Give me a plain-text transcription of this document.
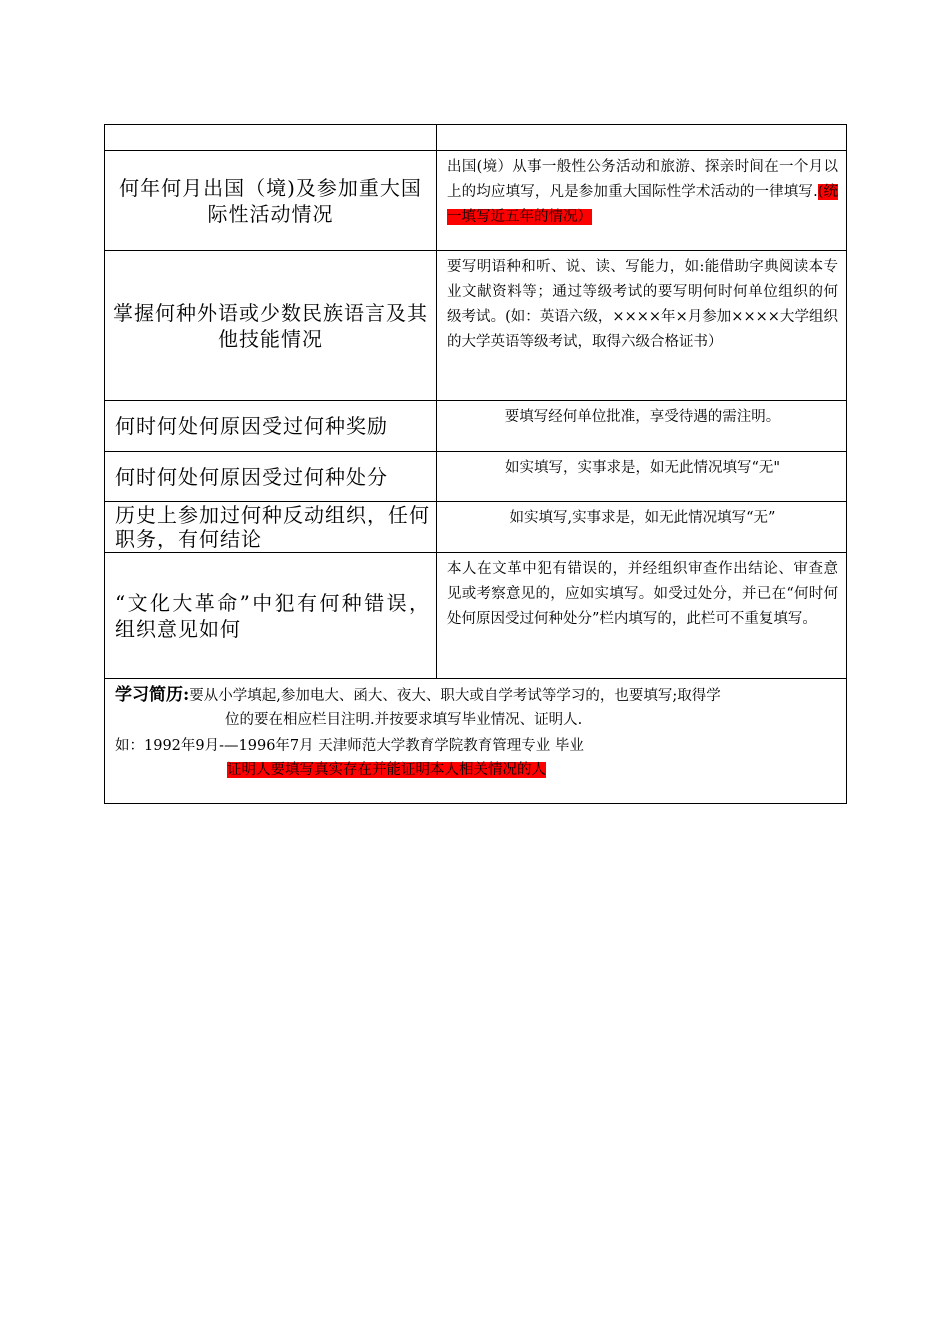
何年何月出国（境)及参加重大国际性活动情况	出国(境）从事一般性公务活动和旅游、探亲时间在一个月以上的均应填写，凡是参加重大国际性学术活动的一律填写.(统一填写近五年的情况）
掌握何种外语或少数民族语言及其他技能情况	要写明语种和听、说、读、写能力，如:能借助字典阅读本专业文献资料等；通过等级考试的要写明何时何单位组织的何级考试。(如：英语六级，××××年×月参加××××大学组织的大学英语等级考试，取得六级合格证书）
何时何处何原因受过何种奖励	要填写经何单位批准，享受待遇的需注明。
何时何处何原因受过何种处分	如实填写，实事求是，如无此情况填写“无"
历史上参加过何种反动组织，任何职务，有何结论	如实填写,实事求是，如无此情况填写“无”
“文化大革命”中犯有何种错误，组织意见如何	本人在文革中犯有错误的，并经组织审查作出结论、审查意见或考察意见的，应如实填写。如受过处分，并已在“何时何处何原因受过何种处分”栏内填写的，此栏可不重复填写。

学习简历:要从小学填起,参加电大、函大、夜大、职大或自学考试等学习的，也要填写;取得学
位的要在相应栏目注明.并按要求填写毕业情况、证明人.
如：1992年9月-—1996年7月 天津师范大学教育学院教育管理专业 毕业
证明人要填写真实存在并能证明本人相关情况的人	
